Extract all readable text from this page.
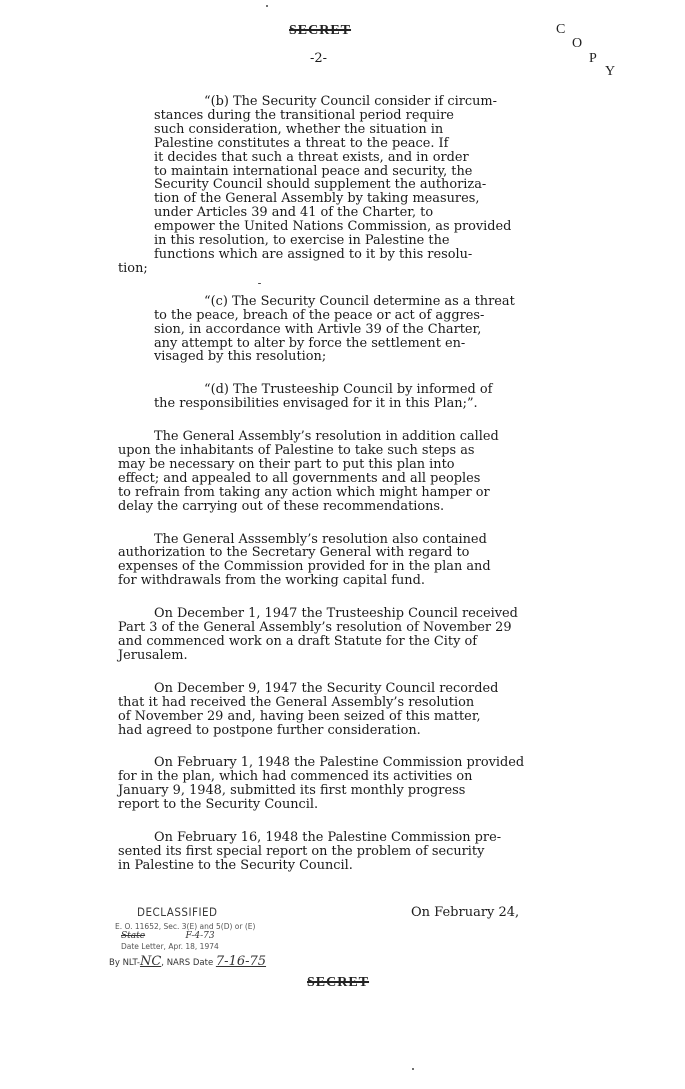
SECRET
-2-
C
O
P
Y
“(b) The Security Council consider if circum-
stances during the transitional period require
such consideration, whether the situation in
Palestine constitutes a threat to the peace. If
it decides that such a threat exists, and in order
to maintain international peace and security, the
Security Council should supplement the authoriza-
tion of the General Assembly by taking measures,
under Articles 39 and 41 of the Charter, to
empower the United Nations Commission, as provided
in this resolution, to exercise in Palestine the
functions which are assigned to it by this resolu-
tion;
“(c) The Security Council determine as a threat
to the peace, breach of the peace or act of aggres-
sion, in accordance with Artivle 39 of the Charter,
any attempt to alter by force the settlement en-
visaged by this resolution;
“(d) The Trusteeship Council by informed of
the responsibilities envisaged for it in this Plan;”.
The General Assembly’s resolution in addition called
upon the inhabitants of Palestine to take such steps as
may be necessary on their part to put this plan into
effect; and appealed to all governments and all peoples
to refrain from taking any action which might hamper or
delay the carrying out of these recommendations.
The General Asssembly’s resolution also contained
authorization to the Secretary General with regard to
expenses of the Commission provided for in the plan and
for withdrawals from the working capital fund.
On December 1, 1947 the Trusteeship Council received
Part 3 of the General Assembly’s resolution of November 29
and commenced work on a draft Statute for the City of
Jerusalem.
On December 9, 1947 the Security Council recorded
that it had received the General Assembly’s resolution
of November 29 and, having been seized of this matter,
had agreed to postpone further consideration.
On February 1, 1948 the Palestine Commission provided
for in the plan, which had commenced its activities on
January 9, 1948, submitted its first monthly progress
report to the Security Council.
On February 16, 1948 the Palestine Commission pre-
sented its first special report on the problem of security
in Palestine to the Security Council.
On February 24,
DECLASSIFIED
E. O. 11652, Sec. 3(E) and 5(D) or (E)
State	F-4-73
Date Letter, Apr. 18, 1974
By NLT-NC, NARS Date 7-16-75
SECRET
